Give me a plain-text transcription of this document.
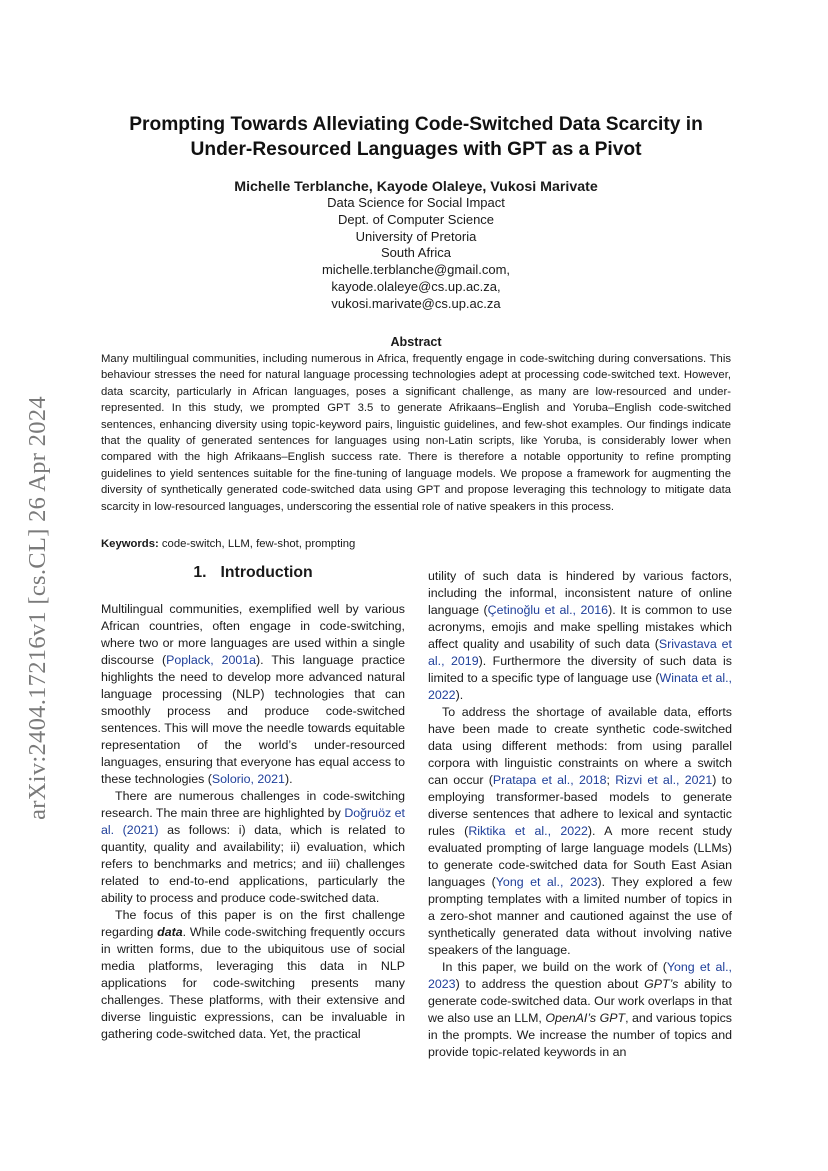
arXiv:2404.17216v1 [cs.CL] 26 Apr 2024
Prompting Towards Alleviating Code-Switched Data Scarcity in Under-Resourced Languages with GPT as a Pivot
Michelle Terblanche, Kayode Olaleye, Vukosi Marivate
Data Science for Social Impact
Dept. of Computer Science
University of Pretoria
South Africa
michelle.terblanche@gmail.com,
kayode.olaleye@cs.up.ac.za,
vukosi.marivate@cs.up.ac.za
Abstract
Many multilingual communities, including numerous in Africa, frequently engage in code-switching during conversations. This behaviour stresses the need for natural language processing technologies adept at processing code-switched text. However, data scarcity, particularly in African languages, poses a significant challenge, as many are low-resourced and under-represented. In this study, we prompted GPT 3.5 to generate Afrikaans–English and Yoruba–English code-switched sentences, enhancing diversity using topic-keyword pairs, linguistic guidelines, and few-shot examples. Our findings indicate that the quality of generated sentences for languages using non-Latin scripts, like Yoruba, is considerably lower when compared with the high Afrikaans–English success rate. There is therefore a notable opportunity to refine prompting guidelines to yield sentences suitable for the fine-tuning of language models. We propose a framework for augmenting the diversity of synthetically generated code-switched data using GPT and propose leveraging this technology to mitigate data scarcity in low-resourced languages, underscoring the essential role of native speakers in this process.
Keywords: code-switch, LLM, few-shot, prompting
1. Introduction

Multilingual communities, exemplified well by various African countries, often engage in code-switching, where two or more languages are used within a single discourse (Poplack, 2001a). This language practice highlights the need to develop more advanced natural language processing (NLP) technologies that can smoothly process and produce code-switched sentences. This will move the needle towards equitable representation of the world’s under-resourced languages, ensuring that everyone has equal access to these technologies (Solorio, 2021).

There are numerous challenges in code-switching research. The main three are highlighted by Doğruöz et al. (2021) as follows: i) data, which is related to quantity, quality and availability; ii) evaluation, which refers to benchmarks and metrics; and iii) challenges related to end-to-end applications, particularly the ability to process and produce code-switched data.

The focus of this paper is on the first challenge regarding data. While code-switching frequently occurs in written forms, due to the ubiquitous use of social media platforms, leveraging this data in NLP applications for code-switching presents many challenges. These platforms, with their extensive and diverse linguistic expressions, can be invaluable in gathering code-switched data. Yet, the practical

utility of such data is hindered by various factors, including the informal, inconsistent nature of online language (Çetinoğlu et al., 2016). It is common to use acronyms, emojis and make spelling mistakes which affect quality and usability of such data (Srivastava et al., 2019). Furthermore the diversity of such data is limited to a specific type of language use (Winata et al., 2022).

To address the shortage of available data, efforts have been made to create synthetic code-switched data using different methods: from using parallel corpora with linguistic constraints on where a switch can occur (Pratapa et al., 2018; Rizvi et al., 2021) to employing transformer-based models to generate diverse sentences that adhere to lexical and syntactic rules (Riktika et al., 2022). A more recent study evaluated prompting of large language models (LLMs) to generate code-switched data for South East Asian languages (Yong et al., 2023). They explored a few prompting templates with a limited number of topics in a zero-shot manner and cautioned against the use of synthetically generated data without involving native speakers of the language.

In this paper, we build on the work of (Yong et al., 2023) to address the question about GPT’s ability to generate code-switched data. Our work overlaps in that we also use an LLM, OpenAI’s GPT, and various topics in the prompts. We increase the number of topics and provide topic-related keywords in an
